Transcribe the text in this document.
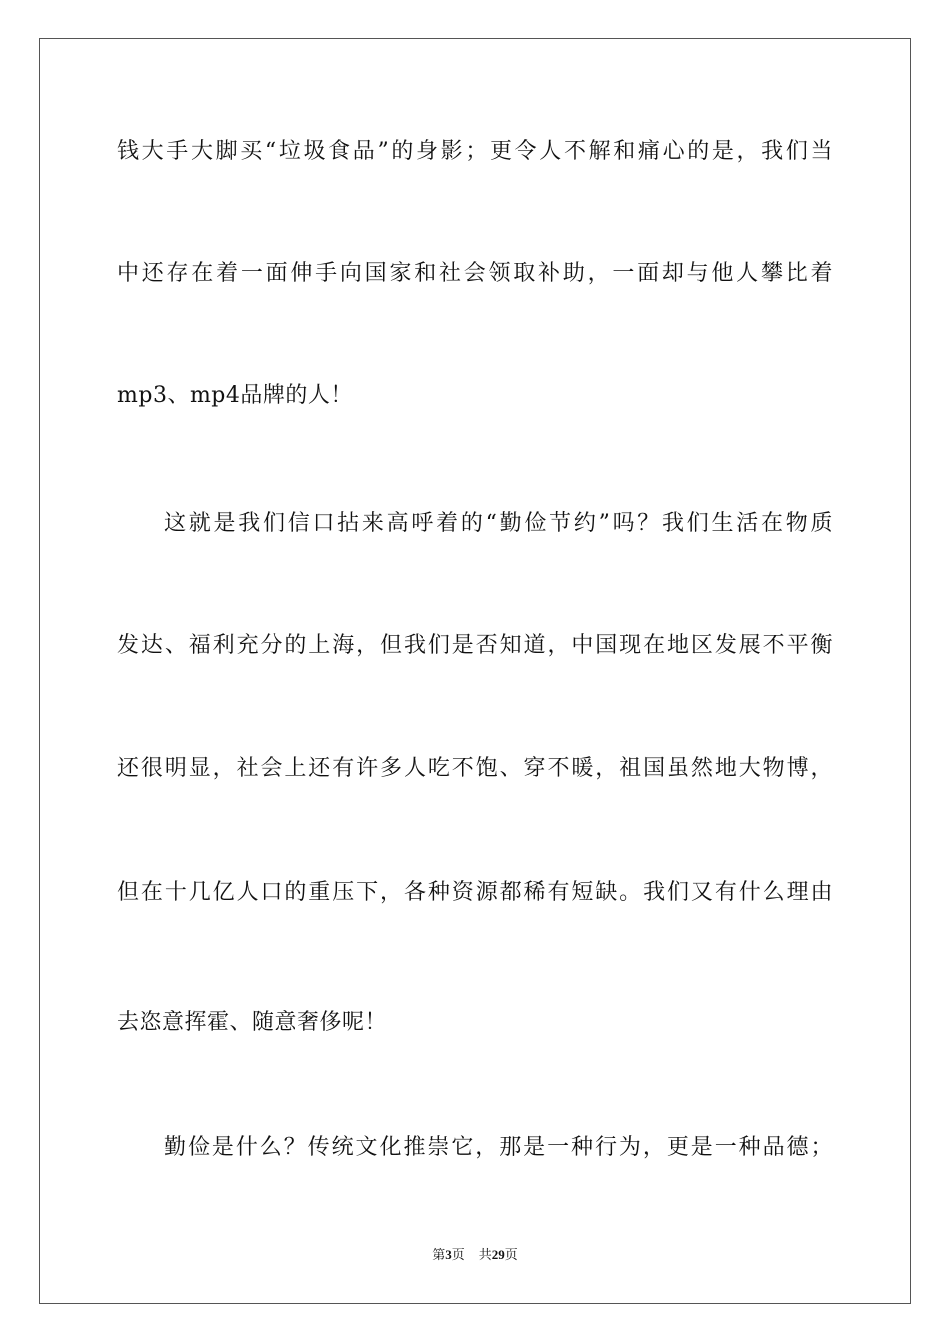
钱大手大脚买“垃圾食品”的身影；更令人不解和痛心的是，我们当
中还存在着一面伸手向国家和社会领取补助，一面却与他人攀比着
mp3、mp4品牌的人！
这就是我们信口拈来高呼着的“勤俭节约”吗？我们生活在物质
发达、福利充分的上海，但我们是否知道，中国现在地区发展不平衡
还很明显，社会上还有许多人吃不饱、穿不暖，祖国虽然地大物博，
但在十几亿人口的重压下，各种资源都稀有短缺。我们又有什么理由
去恣意挥霍、随意奢侈呢！
勤俭是什么？传统文化推崇它，那是一种行为，更是一种品德；
第3页 共29页
